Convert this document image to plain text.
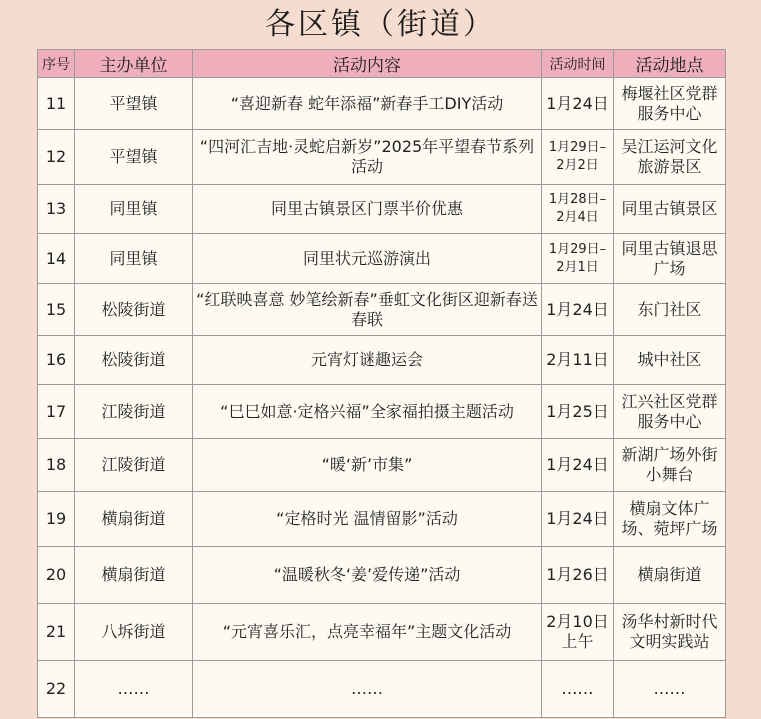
各区镇（街道）
序号	主办单位	活动内容	活动时间	活动地点
11	平望镇	“喜迎新春 蛇年添福”新春手工DIY活动	1月24日	梅堰社区党群服务中心
12	平望镇	“四河汇吉地·灵蛇启新岁”2025年平望春节系列活动	1月29日–2月2日	吴江运河文化旅游景区
13	同里镇	同里古镇景区门票半价优惠	1月28日–2月4日	同里古镇景区
14	同里镇	同里状元巡游演出	1月29日–2月1日	同里古镇退思广场
15	松陵街道	“红联映喜意 妙笔绘新春”垂虹文化街区迎新春送春联	1月24日	东门社区
16	松陵街道	元宵灯谜趣运会	2月11日	城中社区
17	江陵街道	“巳巳如意·定格兴福”全家福拍摄主题活动	1月25日	江兴社区党群服务中心
18	江陵街道	“暖‘新’市集”	1月24日	新湖广场外街小舞台
19	横扇街道	“定格时光 温情留影”活动	1月24日	横扇文体广场、菀坪广场
20	横扇街道	“温暖秋冬‘姜’爱传递”活动	1月26日	横扇街道
21	八坼街道	“元宵喜乐汇，点亮幸福年”主题文化活动	2月10日上午	汤华村新时代文明实践站
22	……	……	……	……
